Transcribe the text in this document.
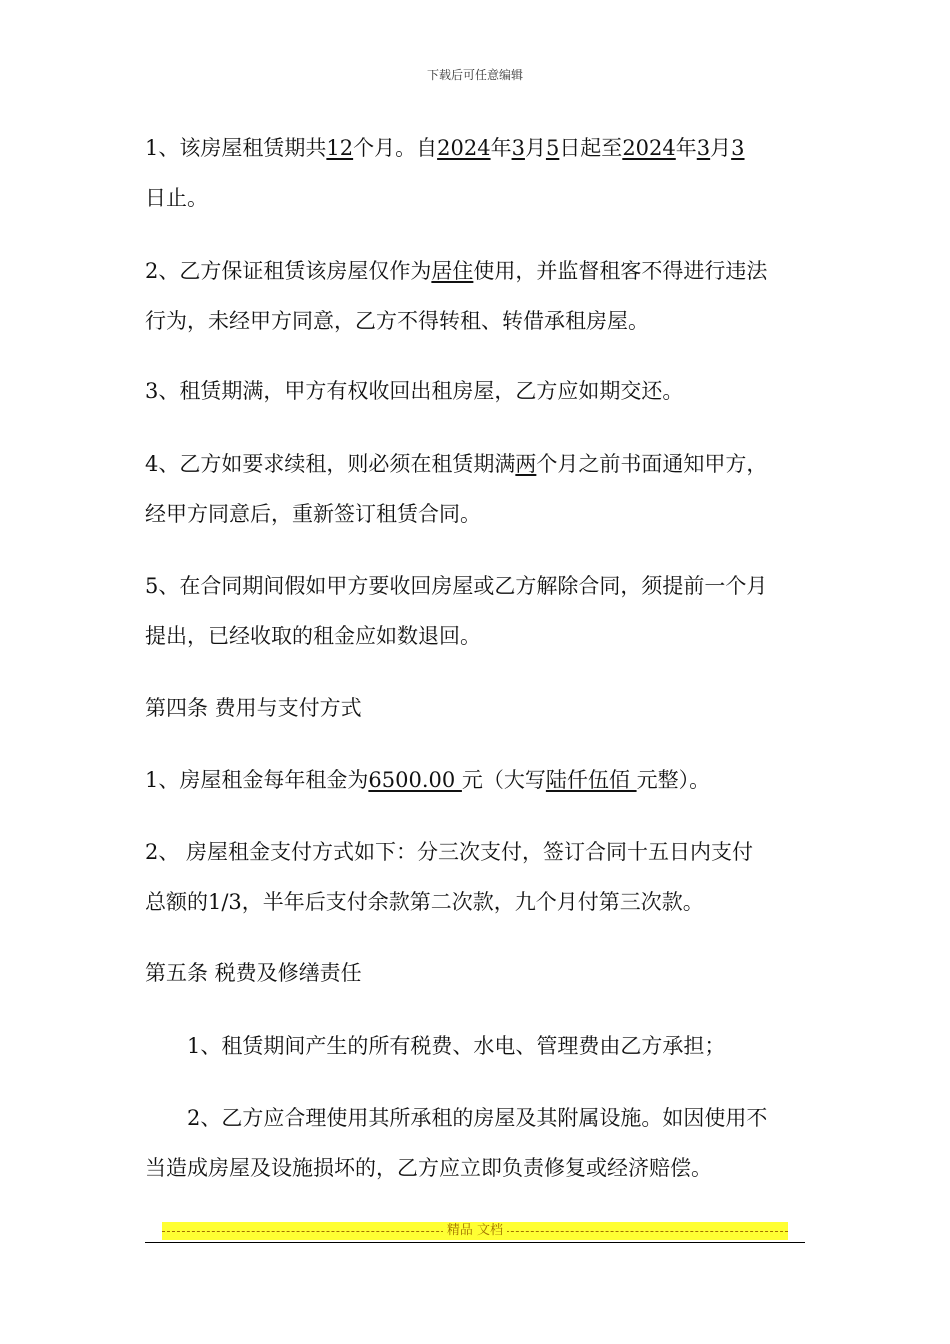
下载后可任意编辑
1、该房屋租赁期共12个月。自2024年3月5日起至2024年3月3
日止。
2、乙方保证租赁该房屋仅作为居住使用，并监督租客不得进行违法
行为，未经甲方同意，乙方不得转租、转借承租房屋。
3、租赁期满，甲方有权收回出租房屋，乙方应如期交还。
4、乙方如要求续租，则必须在租赁期满两个月之前书面通知甲方，
经甲方同意后，重新签订租赁合同。
5、在合同期间假如甲方要收回房屋或乙方解除合同，须提前一个月
提出，已经收取的租金应如数退回。
第四条 费用与支付方式
1、房屋租金每年租金为6500.00 元（大写陆仟伍佰 元整）。
2、 房屋租金支付方式如下：分三次支付，签订合同十五日内支付
总额的1/3，半年后支付余款第二次款，九个月付第三次款。
第五条 税费及修缮责任
1、租赁期间产生的所有税费、水电、管理费由乙方承担；
2、乙方应合理使用其所承租的房屋及其附属设施。如因使用不
当造成房屋及设施损坏的，乙方应立即负责修复或经济赔偿。
精品 文档
